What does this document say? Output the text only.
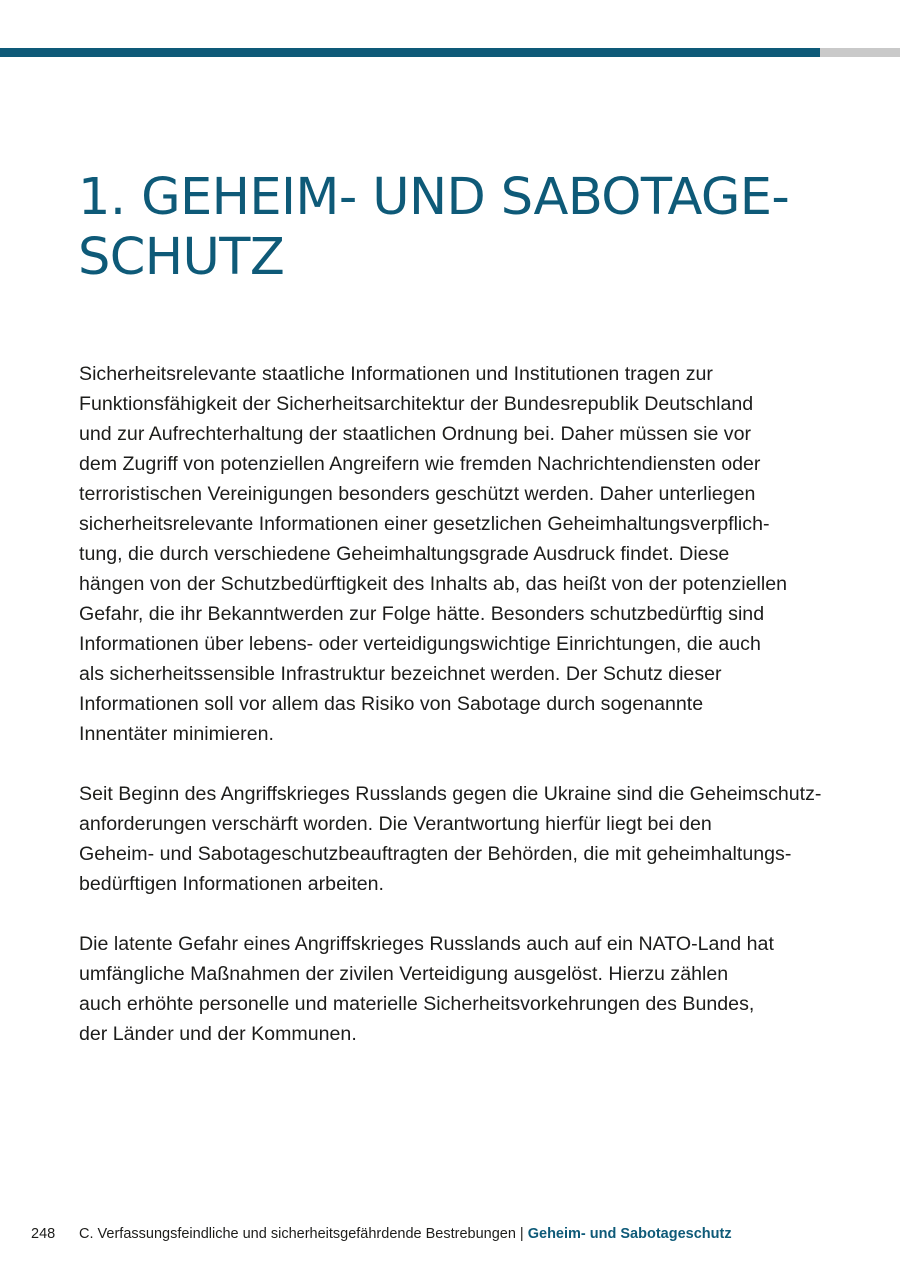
1. GEHEIM- UND SABOTAGE-
SCHUTZ

Sicherheitsrelevante staatliche Informationen und Institutionen tragen zur
Funktionsfähigkeit der Sicherheitsarchitektur der Bundesrepublik Deutschland
und zur Aufrechterhaltung der staatlichen Ordnung bei. Daher müssen sie vor
dem Zugriff von potenziellen Angreifern wie fremden Nachrichtendiensten oder
terroristischen Vereinigungen besonders geschützt werden. Daher unterliegen
sicherheitsrelevante Informationen einer gesetzlichen Geheimhaltungsverpflich-
tung, die durch verschiedene Geheimhaltungsgrade Ausdruck findet. Diese
hängen von der Schutzbedürftigkeit des Inhalts ab, das heißt von der potenziellen
Gefahr, die ihr Bekanntwerden zur Folge hätte. Besonders schutzbedürftig sind
Informationen über lebens- oder verteidigungswichtige Einrichtungen, die auch
als sicherheitssensible Infrastruktur bezeichnet werden. Der Schutz dieser
Informationen soll vor allem das Risiko von Sabotage durch sogenannte
Innentäter minimieren.

Seit Beginn des Angriffskrieges Russlands gegen die Ukraine sind die Geheimschutz-
anforderungen verschärft worden. Die Verantwortung hierfür liegt bei den
Geheim- und Sabotageschutzbeauftragten der Behörden, die mit geheimhaltungs-
bedürftigen Informationen arbeiten.

Die latente Gefahr eines Angriffskrieges Russlands auch auf ein NATO-Land hat
umfängliche Maßnahmen der zivilen Verteidigung ausgelöst. Hierzu zählen
auch erhöhte personelle und materielle Sicherheitsvorkehrungen des Bundes,
der Länder und der Kommunen.

248 C. Verfassungsfeindliche und sicherheitsgefährdende Bestrebungen | Geheim- und Sabotageschutz
